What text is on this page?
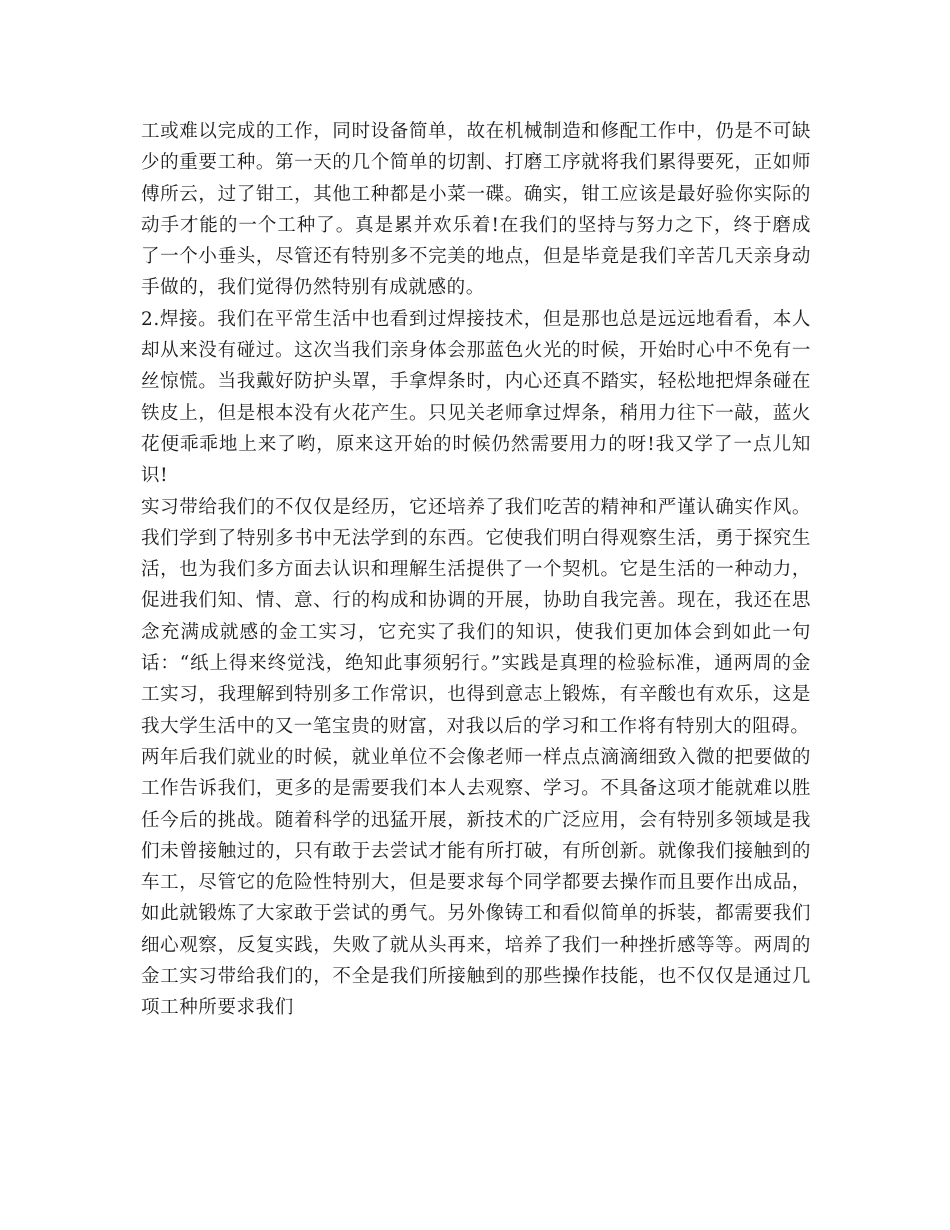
工或难以完成的工作，同时设备简单，故在机械制造和修配工作中，仍是不可缺少的重要工种。第一天的几个简单的切割、打磨工序就将我们累得要死，正如师傅所云，过了钳工，其他工种都是小菜一碟。确实，钳工应该是最好验你实际的动手才能的一个工种了。真是累并欢乐着!在我们的坚持与努力之下，终于磨成了一个小垂头，尽管还有特别多不完美的地点，但是毕竟是我们辛苦几天亲身动手做的，我们觉得仍然特别有成就感的。

2.焊接。我们在平常生活中也看到过焊接技术，但是那也总是远远地看看，本人却从来没有碰过。这次当我们亲身体会那蓝色火光的时候，开始时心中不免有一丝惊慌。当我戴好防护头罩，手拿焊条时，内心还真不踏实，轻松地把焊条碰在铁皮上，但是根本没有火花产生。只见关老师拿过焊条，稍用力往下一敲，蓝火花便乖乖地上来了哟，原来这开始的时候仍然需要用力的呀!我又学了一点儿知识!

实习带给我们的不仅仅是经历，它还培养了我们吃苦的精神和严谨认确实作风。我们学到了特别多书中无法学到的东西。它使我们明白得观察生活，勇于探究生活，也为我们多方面去认识和理解生活提供了一个契机。它是生活的一种动力，促进我们知、情、意、行的构成和协调的开展，协助自我完善。现在，我还在思念充满成就感的金工实习，它充实了我们的知识，使我们更加体会到如此一句话：“纸上得来终觉浅，绝知此事须躬行。”实践是真理的检验标准，通两周的金工实习，我理解到特别多工作常识，也得到意志上锻炼，有辛酸也有欢乐，这是我大学生活中的又一笔宝贵的财富，对我以后的学习和工作将有特别大的阻碍。

两年后我们就业的时候，就业单位不会像老师一样点点滴滴细致入微的把要做的工作告诉我们，更多的是需要我们本人去观察、学习。不具备这项才能就难以胜任今后的挑战。随着科学的迅猛开展，新技术的广泛应用，会有特别多领域是我们未曾接触过的，只有敢于去尝试才能有所打破，有所创新。就像我们接触到的车工，尽管它的危险性特别大，但是要求每个同学都要去操作而且要作出成品，如此就锻炼了大家敢于尝试的勇气。另外像铸工和看似简单的拆装，都需要我们细心观察，反复实践，失败了就从头再来，培养了我们一种挫折感等等。两周的金工实习带给我们的，不全是我们所接触到的那些操作技能，也不仅仅是通过几项工种所要求我们
